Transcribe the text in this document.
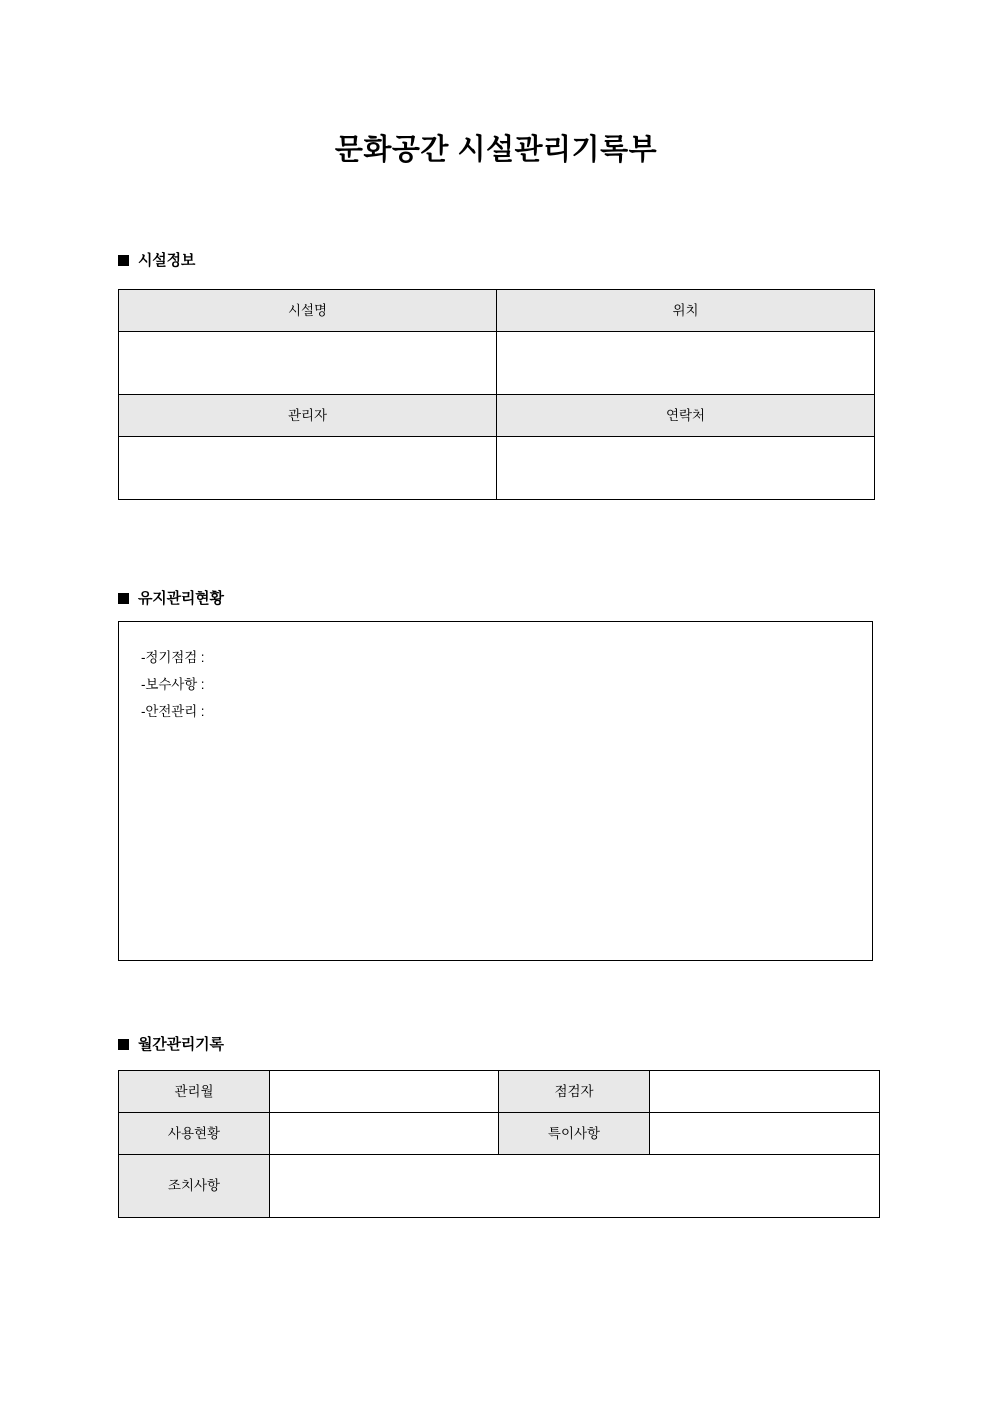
문화공간 시설관리기록부
시설정보
시설명	위치

관리자	연락처

유지관리현황
-정기점검 :
-보수사항 :
-안전관리 :
월간관리기록
관리월		점검자	
사용현황		특이사항	
조치사항			
